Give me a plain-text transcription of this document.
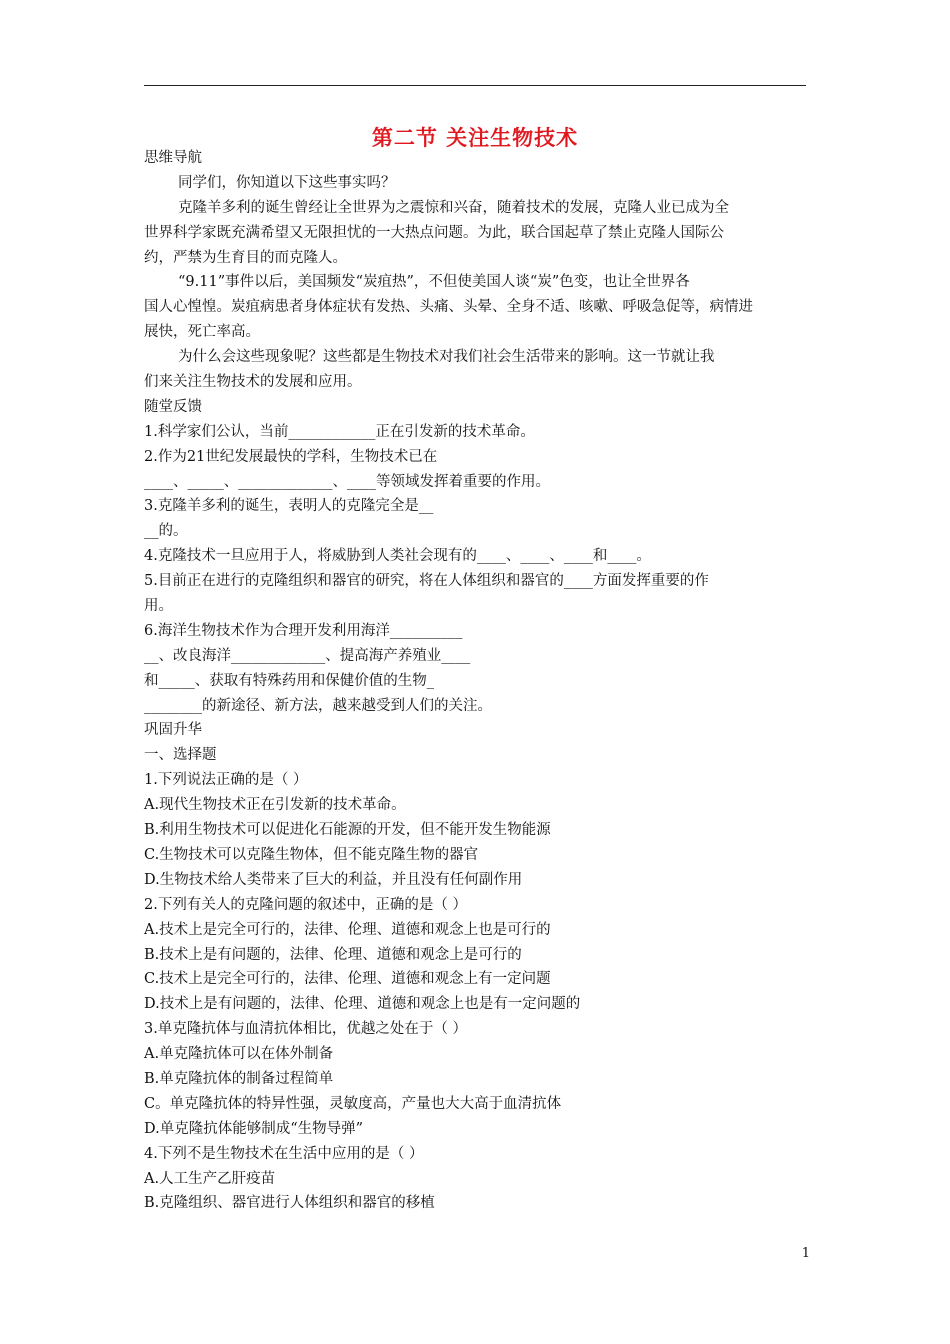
第二节 关注生物技术

思维导航

同学们，你知道以下这些事实吗？

克隆羊多利的诞生曾经让全世界为之震惊和兴奋，随着技术的发展，克隆人业已成为全

世界科学家既充满希望又无限担忧的一大热点问题。为此，联合国起草了禁止克隆人国际公

约，严禁为生育目的而克隆人。

“9.11”事件以后，美国频发“炭疽热”，不但使美国人谈“炭”色变，也让全世界各

国人心惶惶。炭疽病患者身体症状有发热、头痛、头晕、全身不适、咳嗽、呼吸急促等，病情进

展快，死亡率高。

为什么会这些现象呢？这些都是生物技术对我们社会生活带来的影响。这一节就让我

们来关注生物技术的发展和应用。

随堂反馈

1.科学家们公认，当前____________正在引发新的技术革命。

2.作为21世纪发展最快的学科，生物技术已在

____、_____、_____________、____等领域发挥着重要的作用。

3.克隆羊多利的诞生，表明人的克隆完全是__

__的。

4.克隆技术一旦应用于人，将威胁到人类社会现有的____、____、____和____。

5.目前正在进行的克隆组织和器官的研究，将在人体组织和器官的____方面发挥重要的作

用。

6.海洋生物技术作为合理开发利用海洋__________

__、改良海洋_____________、提高海产养殖业____

和_____、获取有特殊药用和保健价值的生物_

________的新途径、新方法，越来越受到人们的关注。

巩固升华

一、选择题

1.下列说法正确的是（ ）

A.现代生物技术正在引发新的技术革命。

B.利用生物技术可以促进化石能源的开发，但不能开发生物能源

C.生物技术可以克隆生物体，但不能克隆生物的器官

D.生物技术给人类带来了巨大的利益，并且没有任何副作用

2.下列有关人的克隆问题的叙述中，正确的是（ ）

A.技术上是完全可行的，法律、伦理、道德和观念上也是可行的

B.技术上是有问题的，法律、伦理、道德和观念上是可行的

C.技术上是完全可行的，法律、伦理、道德和观念上有一定问题

D.技术上是有问题的，法律、伦理、道德和观念上也是有一定问题的

3.单克隆抗体与血清抗体相比，优越之处在于（ ）

A.单克隆抗体可以在体外制备

B.单克隆抗体的制备过程简单

C。单克隆抗体的特异性强，灵敏度高，产量也大大高于血清抗体

D.单克隆抗体能够制成“生物导弹”

4.下列不是生物技术在生活中应用的是（ ）

A.人工生产乙肝疫苗

B.克隆组织、器官进行人体组织和器官的移植

1
